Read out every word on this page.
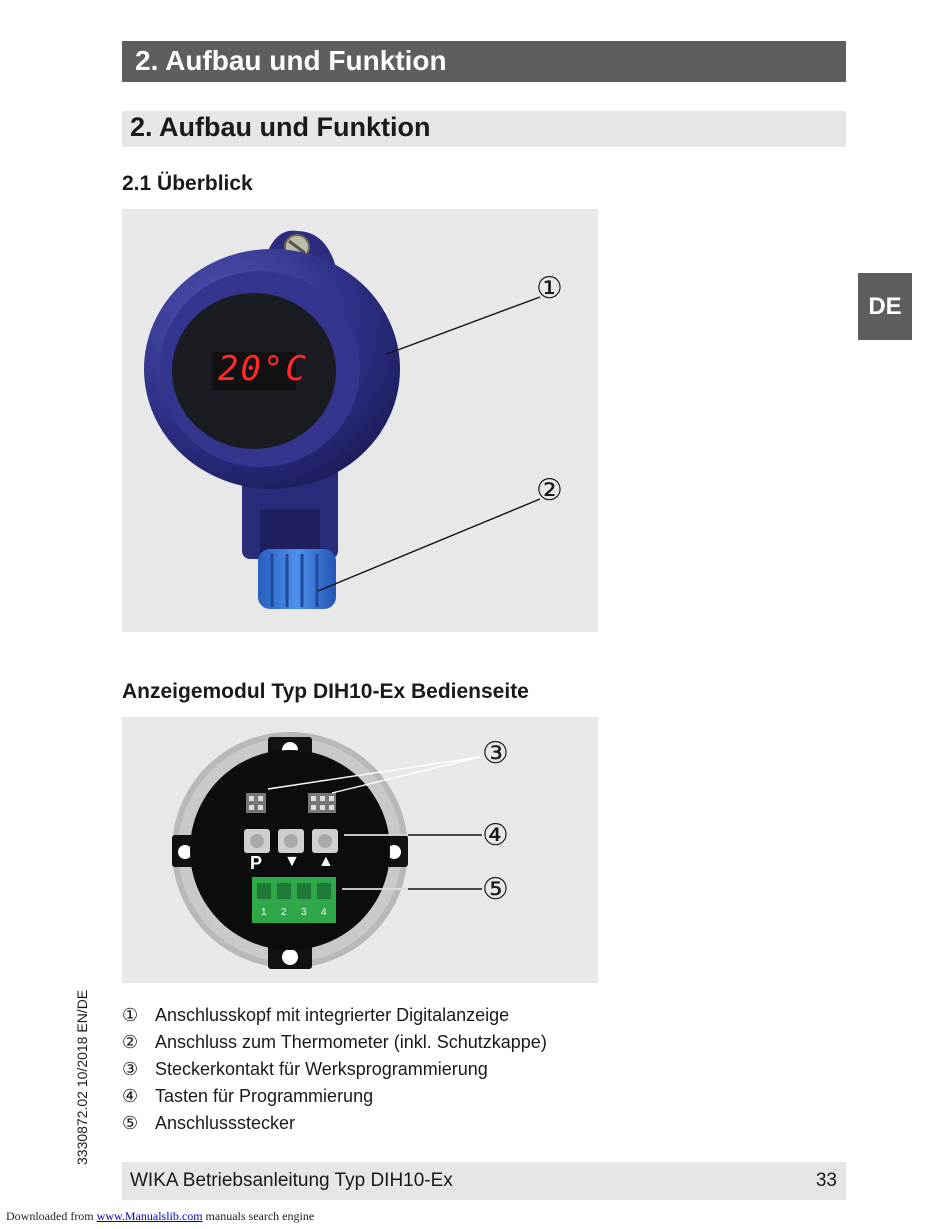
2. Aufbau und Funktion
2. Aufbau und Funktion
2.1 Überblick
DE
20°C
①
②
Anzeigemodul Typ DIH10-Ex Bedienseite
P ▼ ▲
1 2 3 4
③
④
⑤
① Anschlusskopf mit integrierter Digitalanzeige
② Anschluss zum Thermometer (inkl. Schutzkappe)
③ Steckerkontakt für Werksprogrammierung
④ Tasten für Programmierung
⑤ Anschlussstecker
3330872.02 10/2018 EN/DE
WIKA Betriebsanleitung Typ DIH10-Ex	33
Downloaded from www.Manualslib.com manuals search engine
